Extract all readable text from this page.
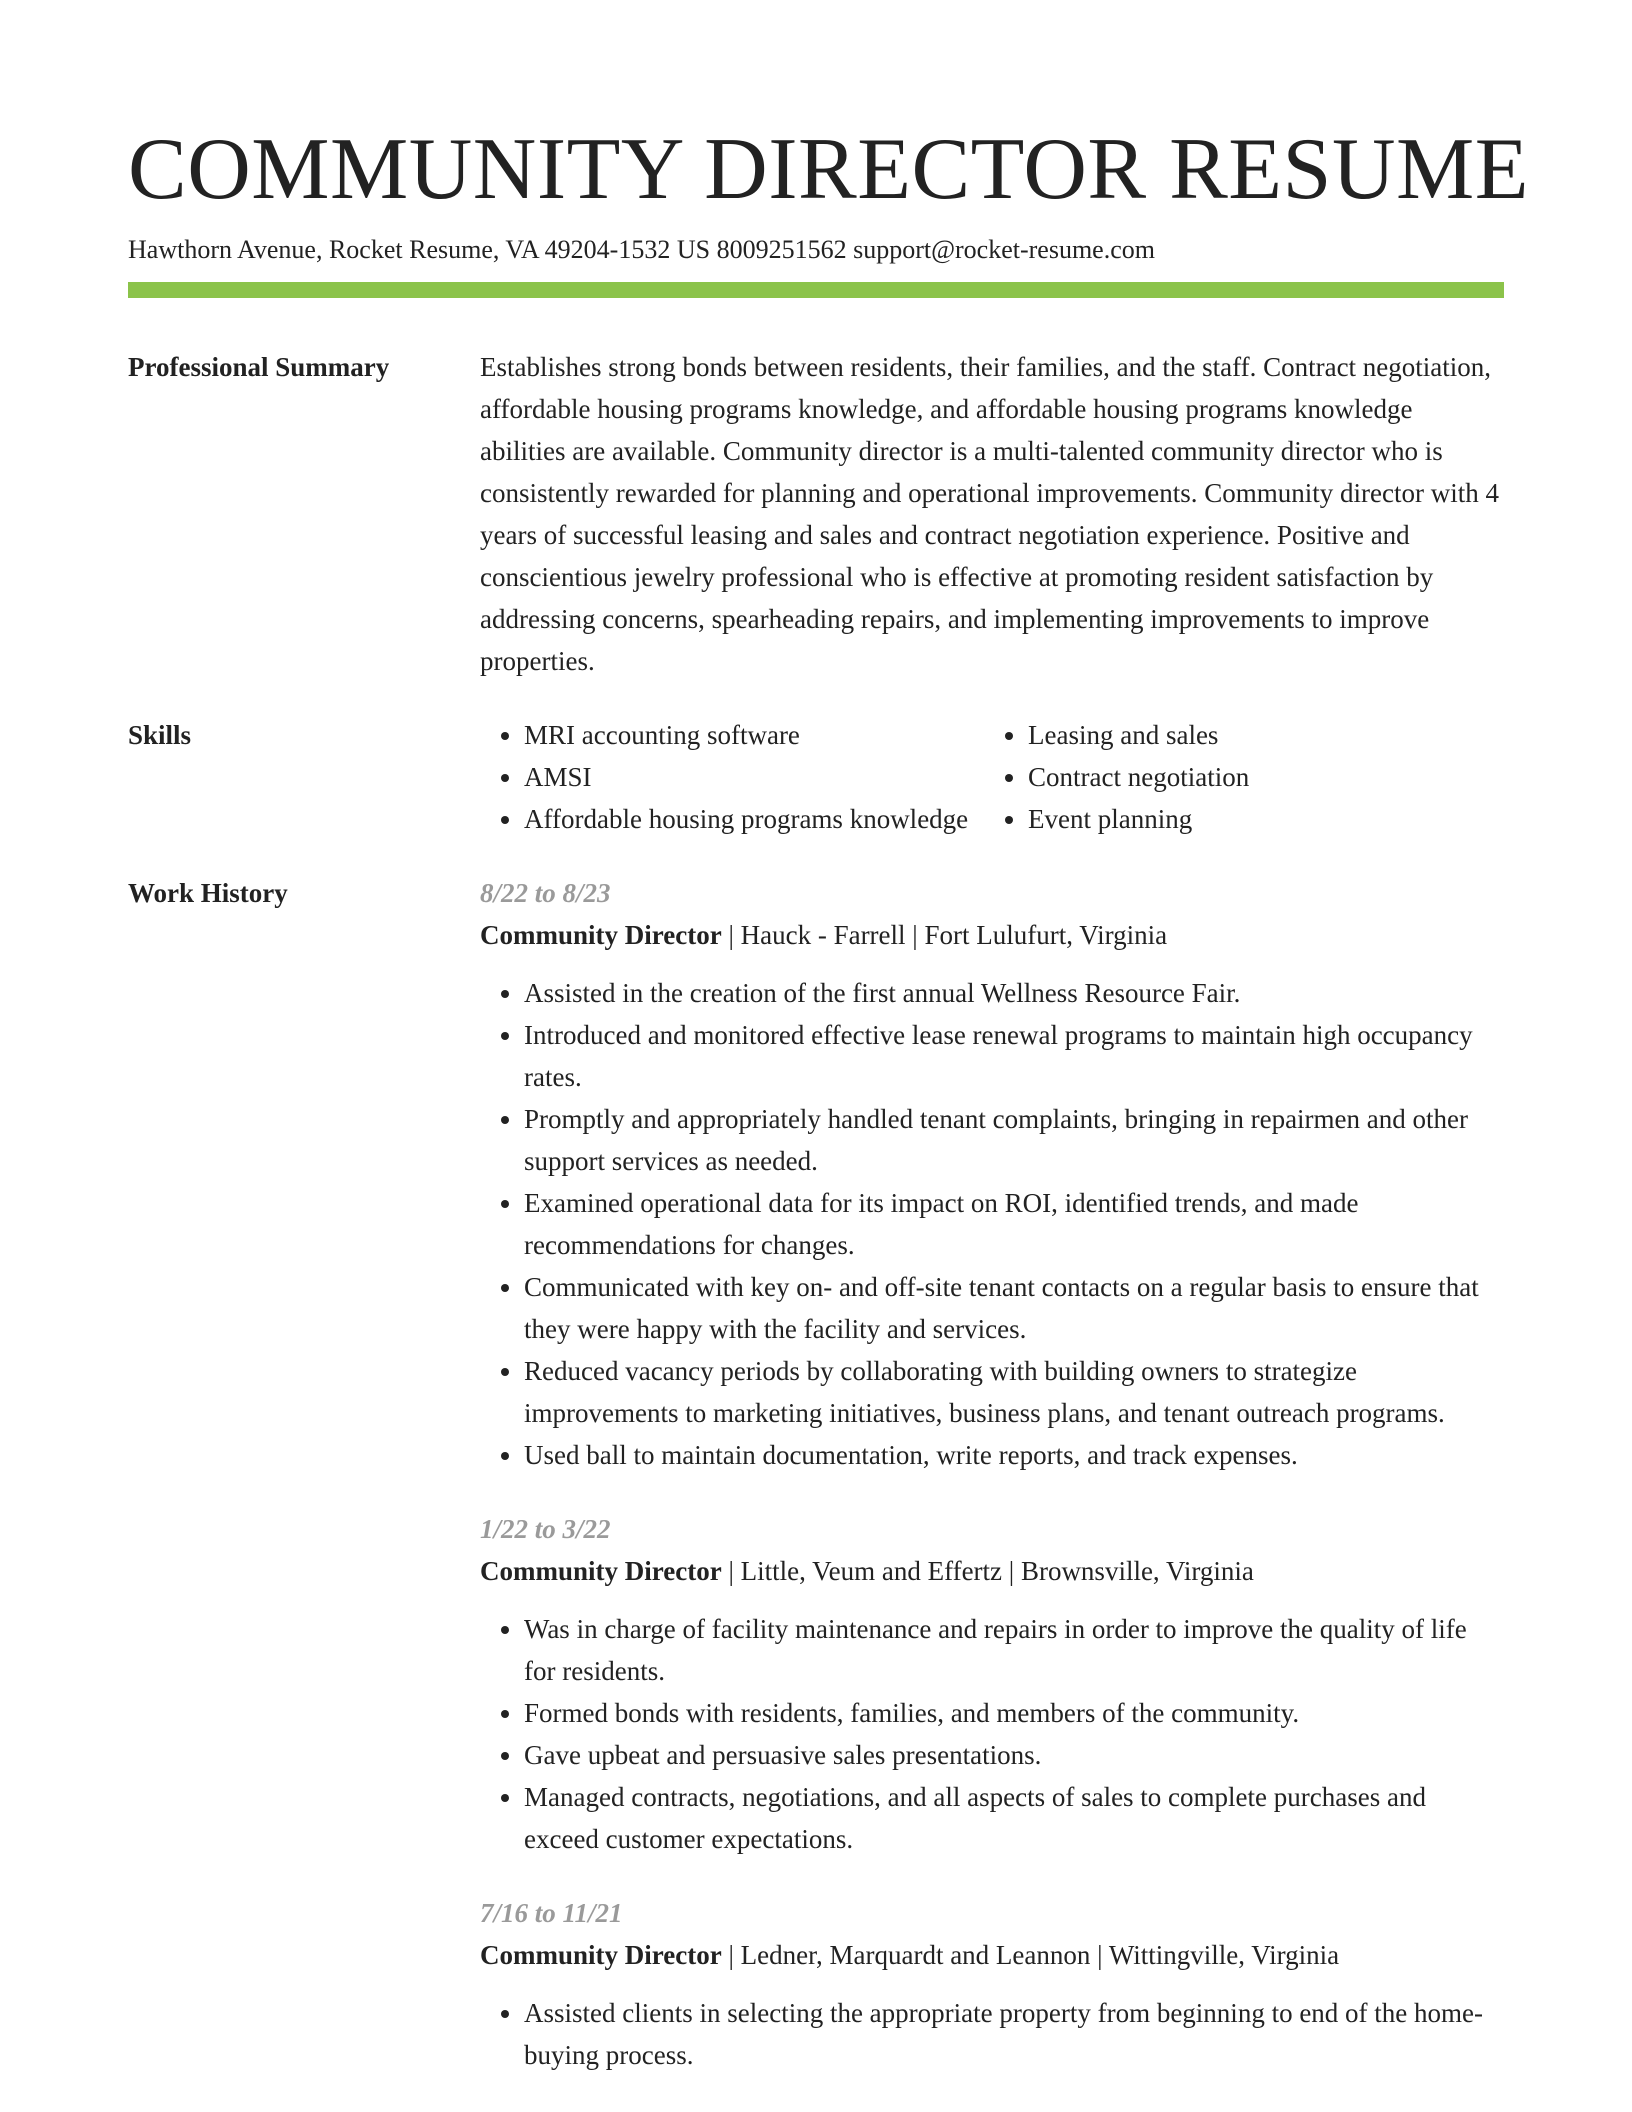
COMMUNITY DIRECTOR RESUME
Hawthorn Avenue, Rocket Resume, VA 49204-1532 US 8009251562 support@rocket-resume.com
Professional Summary	Establishes strong bonds between residents, their families, and the staff. Contract negotiation, affordable housing programs knowledge, and affordable housing programs knowledge abilities are available. Community director is a multi-talented community director who is consistently rewarded for planning and operational improvements. Community director with 4 years of successful leasing and sales and contract negotiation experience. Positive and conscientious jewelry professional who is effective at promoting resident satisfaction by addressing concerns, spearheading repairs, and implementing improvements to improve properties.

Skills	• MRI accounting software
• AMSI
• Affordable housing programs knowledge
• Leasing and sales
• Contract negotiation
• Event planning
Work History	8/22 to 8/23
Community Director | Hauck - Farrell | Fort Lulufurt, Virginia
• Assisted in the creation of the first annual Wellness Resource Fair.
• Introduced and monitored effective lease renewal programs to maintain high occupancy rates.
• Promptly and appropriately handled tenant complaints, bringing in repairmen and other support services as needed.
• Examined operational data for its impact on ROI, identified trends, and made recommendations for changes.
• Communicated with key on- and off-site tenant contacts on a regular basis to ensure that they were happy with the facility and services.
• Reduced vacancy periods by collaborating with building owners to strategize improvements to marketing initiatives, business plans, and tenant outreach programs.
• Used ball to maintain documentation, write reports, and track expenses.
1/22 to 3/22
Community Director | Little, Veum and Effertz | Brownsville, Virginia
• Was in charge of facility maintenance and repairs in order to improve the quality of life for residents.
• Formed bonds with residents, families, and members of the community.
• Gave upbeat and persuasive sales presentations.
• Managed contracts, negotiations, and all aspects of sales to complete purchases and exceed customer expectations.
7/16 to 11/21
Community Director | Ledner, Marquardt and Leannon | Wittingville, Virginia
• Assisted clients in selecting the appropriate property from beginning to end of the home-buying process.
